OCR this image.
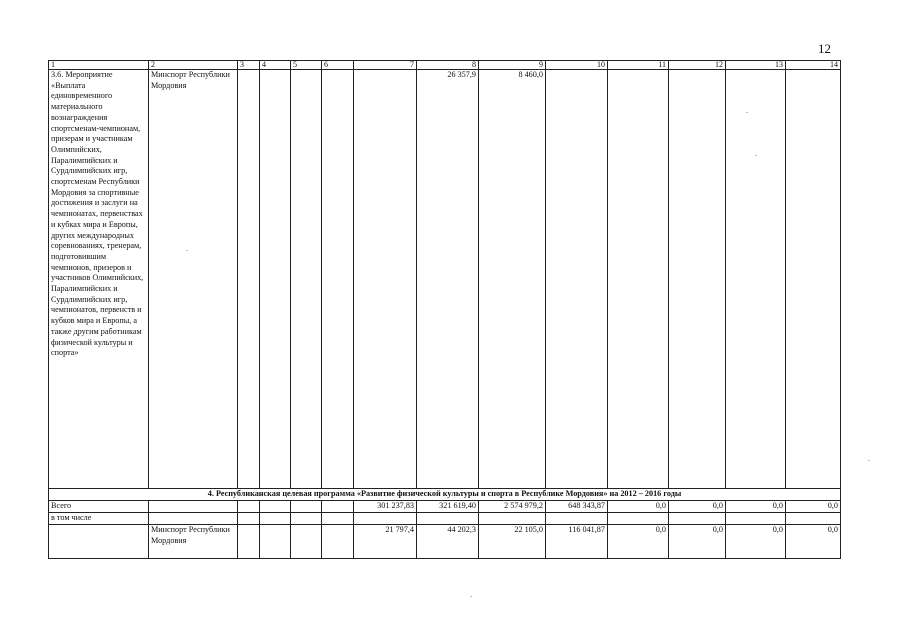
12
1	2	3	4	5	6	7	8	9	10	11	12	13	14
3.6. Мероприятие «Выплата единовременного материального вознаграждения спортсменам-чемпионам, призерам и участникам Олимпийских, Паралимпийских и Сурдлимпийских игр, спортсменам Республики Мордовия за спортивные достижения и заслуги на чемпионатах, первенствах и кубках мира и Европы, других международных соревнованиях, тренерам, подготовившим чемпионов, призеров и участников Олимпийских, Паралимпийских и Сурдлимпийских игр, чемпионатов, первенств и кубков мира и Европы, а также другим работникам физической культуры и спорта»	Минспорт Республики Мордовия						26 357,9	8 460,0					
4. Республиканская целевая программа «Развитие физической культуры и спорта в Республике Мордовия» на 2012 – 2016 годы													
Всего						301 237,83	321 619,40	2 574 979,2	648 343,87	0,0	0,0	0,0	0,0
в том числе													
	Минспорт Республики Мордовия					21 797,4	44 202,3	22 105,0	116 041,87	0,0	0,0	0,0	0,0
